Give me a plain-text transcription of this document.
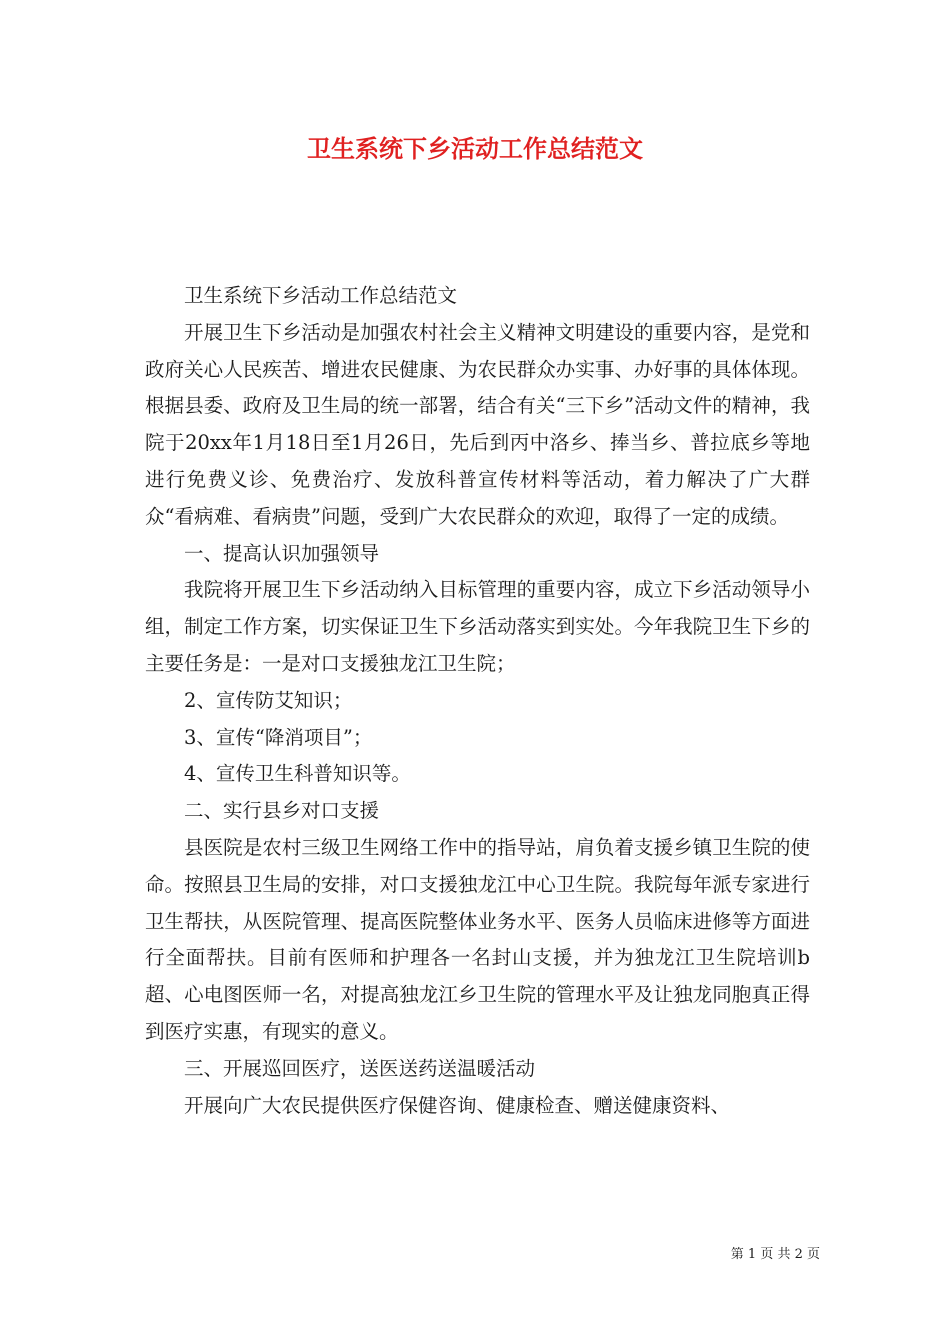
卫生系统下乡活动工作总结范文

卫生系统下乡活动工作总结范文

开展卫生下乡活动是加强农村社会主义精神文明建设的重要内容，是党和政府关心人民疾苦、增进农民健康、为农民群众办实事、办好事的具体体现。根据县委、政府及卫生局的统一部署，结合有关“三下乡”活动文件的精神，我院于20xx年1月18日至1月26日，先后到丙中洛乡、捧当乡、普拉底乡等地进行免费义诊、免费治疗、发放科普宣传材料等活动，着力解决了广大群众“看病难、看病贵”问题，受到广大农民群众的欢迎，取得了一定的成绩。

一、提高认识加强领导

我院将开展卫生下乡活动纳入目标管理的重要内容，成立下乡活动领导小组，制定工作方案，切实保证卫生下乡活动落实到实处。今年我院卫生下乡的主要任务是：一是对口支援独龙江卫生院；

2、宣传防艾知识；

3、宣传“降消项目”；

4、宣传卫生科普知识等。

二、实行县乡对口支援

县医院是农村三级卫生网络工作中的指导站，肩负着支援乡镇卫生院的使命。按照县卫生局的安排，对口支援独龙江中心卫生院。我院每年派专家进行卫生帮扶，从医院管理、提高医院整体业务水平、医务人员临床进修等方面进行全面帮扶。目前有医师和护理各一名封山支援，并为独龙江卫生院培训b超、心电图医师一名，对提高独龙江乡卫生院的管理水平及让独龙同胞真正得到医疗实惠，有现实的意义。

三、开展巡回医疗，送医送药送温暖活动

开展向广大农民提供医疗保健咨询、健康检查、赠送健康资料、

第 1 页 共 2 页
